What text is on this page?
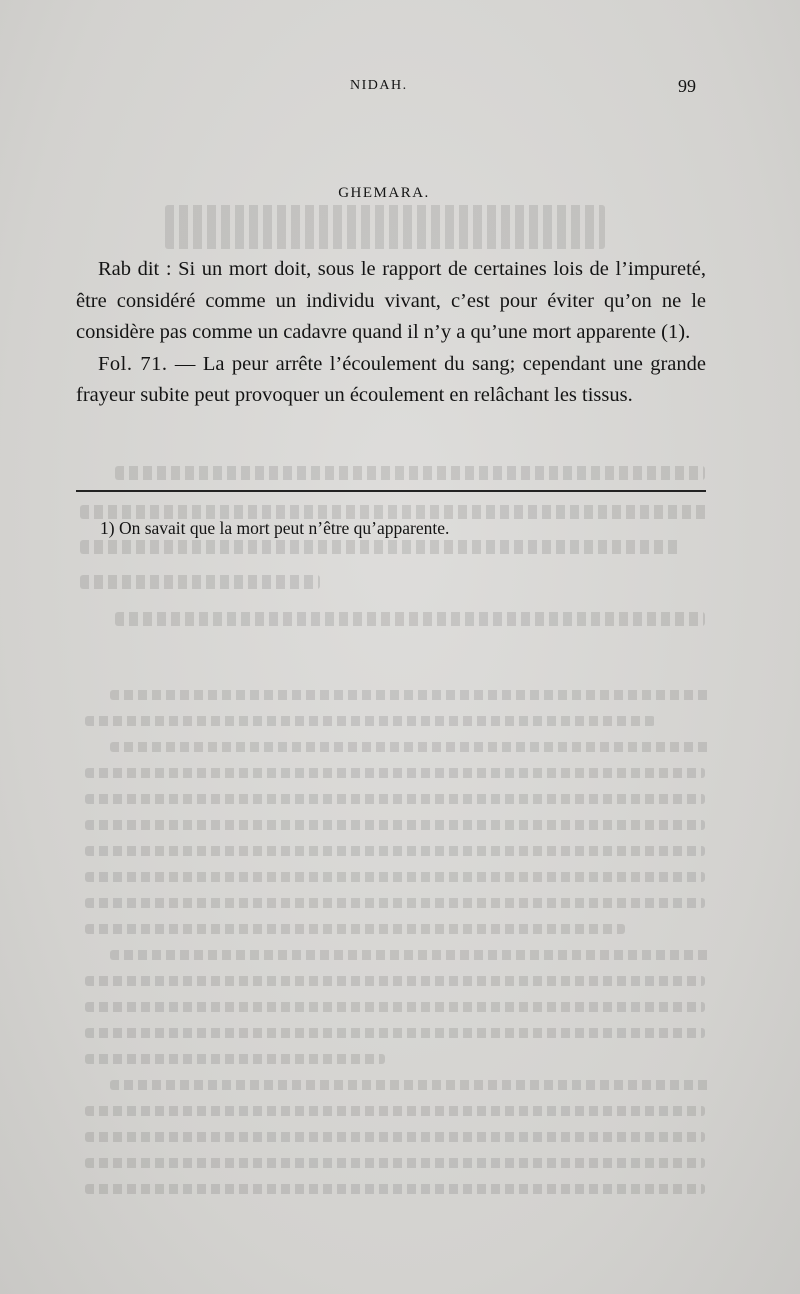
NIDAH.	99
GHEMARA.

Rab dit : Si un mort doit, sous le rapport de certaines lois de l’impureté, être considéré comme un individu vivant, c’est pour éviter qu’on ne le considère pas comme un cadavre quand il n’y a qu’une mort apparente (1).

Fol. 71. — La peur arrête l’écoulement du sang; cependant une grande frayeur subite peut provoquer un écoulement en relâchant les tissus.

1) On savait que la mort peut n’être qu’apparente.
